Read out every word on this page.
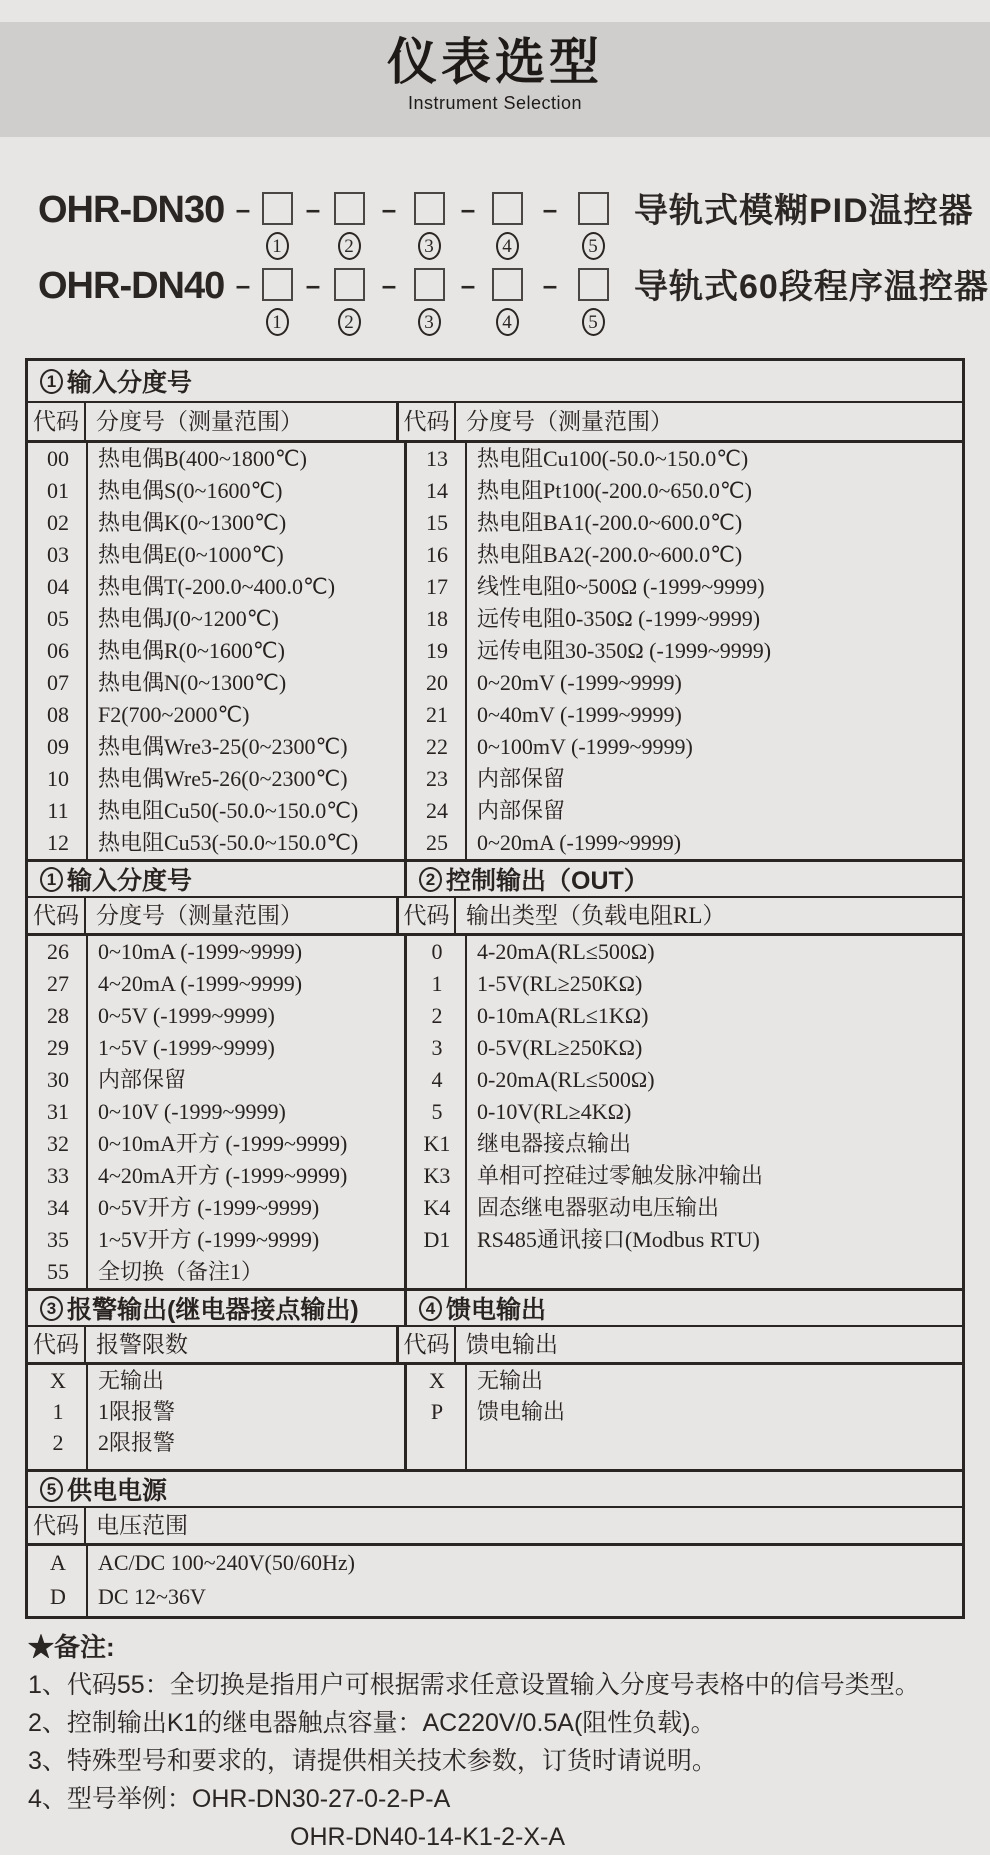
仪表选型
Instrument Selection
OHR-DN30 –
1
–
2
–
3
–
4
–
5
导轨式模糊PID温控器
OHR-DN40 –
1
–
2
–
3
–
4
–
5
导轨式60段程序温控器
1 输入分度号
代码 分度号（测量范围）	代码 分度号（测量范围）
00	热电偶B(400~1800℃)
01	热电偶S(0~1600℃)
02	热电偶K(0~1300℃)
03	热电偶E(0~1000℃)
04	热电偶T(-200.0~400.0℃)
05	热电偶J(0~1200℃)
06	热电偶R(0~1600℃)
07	热电偶N(0~1300℃)
08	F2(700~2000℃)
09	热电偶Wre3-25(0~2300℃)
10	热电偶Wre5-26(0~2300℃)
11	热电阻Cu50(-50.0~150.0℃)
12	热电阻Cu53(-50.0~150.0℃)
13	热电阻Cu100(-50.0~150.0℃)
14	热电阻Pt100(-200.0~650.0℃)
15	热电阻BA1(-200.0~600.0℃)
16	热电阻BA2(-200.0~600.0℃)
17	线性电阻0~500Ω (-1999~9999)
18	远传电阻0-350Ω (-1999~9999)
19	远传电阻30-350Ω (-1999~9999)
20	0~20mV (-1999~9999)
21	0~40mV (-1999~9999)
22	0~100mV (-1999~9999)
23	内部保留
24	内部保留
25	0~20mA (-1999~9999)
1 输入分度号	2 控制输出（OUT）
代码 分度号（测量范围）	代码 输出类型（负载电阻RL）
26	0~10mA (-1999~9999)
27	4~20mA (-1999~9999)
28	0~5V (-1999~9999)
29	1~5V (-1999~9999)
30	内部保留
31	0~10V (-1999~9999)
32	0~10mA开方 (-1999~9999)
33	4~20mA开方 (-1999~9999)
34	0~5V开方 (-1999~9999)
35	1~5V开方 (-1999~9999)
55	全切换（备注1）
0	4-20mA(RL≤500Ω)
1	1-5V(RL≥250KΩ)
2	0-10mA(RL≤1KΩ)
3	0-5V(RL≥250KΩ)
4	0-20mA(RL≤500Ω)
5	0-10V(RL≥4KΩ)
K1	继电器接点输出
K3	单相可控硅过零触发脉冲输出
K4	固态继电器驱动电压输出
D1	RS485通讯接口(Modbus RTU)
3 报警输出(继电器接点输出)	4 馈电输出
代码 报警限数	代码 馈电输出
X	无输出
1	1限报警
2	2限报警
X	无输出
P	馈电输出
5 供电电源
代码 电压范围
A	AC/DC 100~240V(50/60Hz)
D	DC 12~36V
★备注:
1、代码55：全切换是指用户可根据需求任意设置输入分度号表格中的信号类型。
2、控制输出K1的继电器触点容量：AC220V/0.5A(阻性负载)。
3、特殊型号和要求的，请提供相关技术参数，订货时请说明。
4、型号举例：OHR-DN30-27-0-2-P-A
OHR-DN40-14-K1-2-X-A
